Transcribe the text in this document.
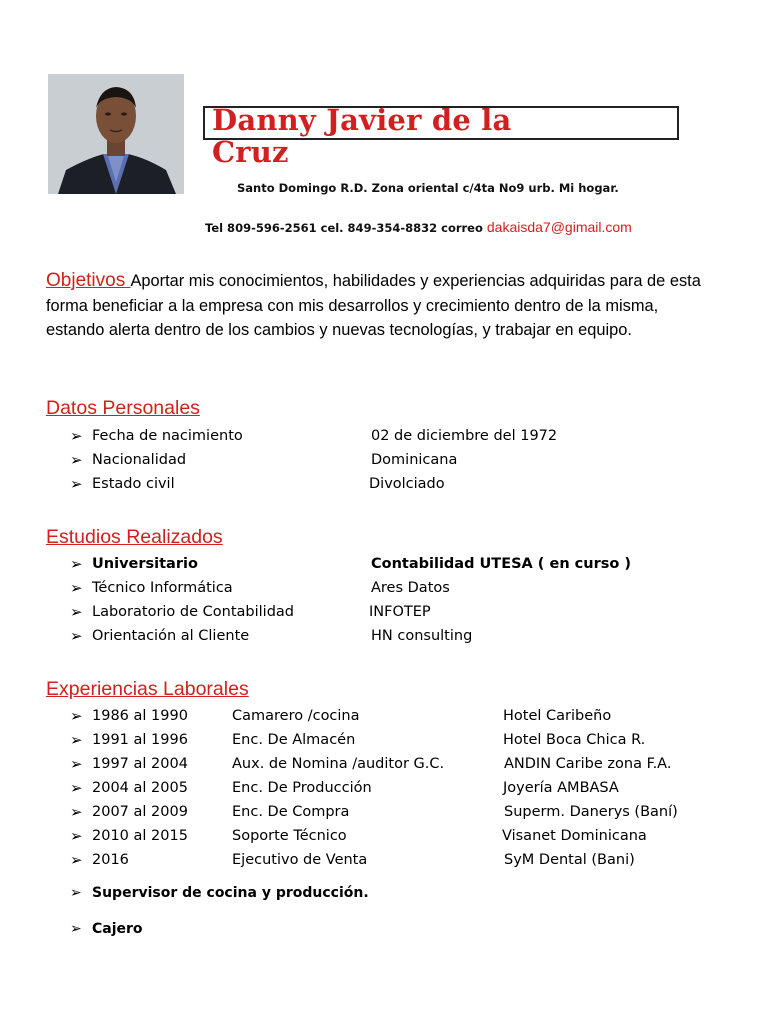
Danny Javier de la
Cruz
Santo Domingo R.D. Zona oriental c/4ta No9 urb. Mi hogar.
Tel 809-596-2561 cel. 849-354-8832 correo dakaisda7@gimail.com
Objetivos Aportar mis conocimientos, habilidades y experiencias adquiridas para de esta forma beneficiar a la empresa con mis desarrollos y crecimiento dentro de la misma, estando alerta dentro de los cambios y nuevas tecnologías, y trabajar en equipo.
Datos Personales
➢ Fecha de nacimiento	02 de diciembre del 1972
➢ Nacionalidad	Dominicana
➢ Estado civil	Divolciado
Estudios Realizados
➢ Universitario	Contabilidad UTESA ( en curso )
➢ Técnico Informática	Ares Datos
➢ Laboratorio de Contabilidad	INFOTEP
➢ Orientación al Cliente	HN consulting
Experiencias Laborales
➢ 1986 al 1990	Camarero /cocina	Hotel Caribeño
➢ 1991 al 1996	Enc. De Almacén	Hotel Boca Chica R.
➢ 1997 al 2004	Aux. de Nomina /auditor G.C.	ANDIN Caribe zona F.A.
➢ 2004 al 2005	Enc. De Producción	Joyería AMBASA
➢ 2007 al 2009	Enc. De Compra	Superm. Danerys (Baní)
➢ 2010 al 2015	Soporte Técnico	Visanet Dominicana
➢ 2016	Ejecutivo de Venta	SyM Dental (Bani)
➢ Supervisor de cocina y producción.
➢ Cajero
